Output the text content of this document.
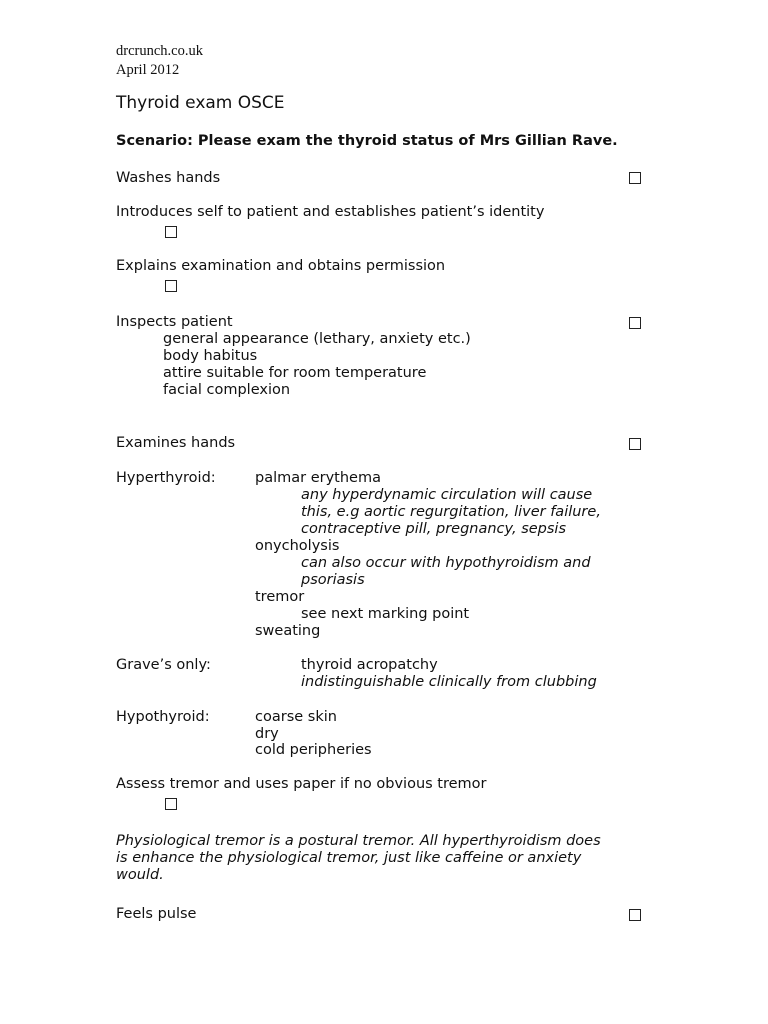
drcrunch.co.uk
April 2012
Thyroid exam OSCE
Scenario: Please exam the thyroid status of Mrs Gillian Rave.
Washes hands
Introduces self to patient and establishes patient’s identity
Explains examination and obtains permission
Inspects patient
general appearance (lethary, anxiety etc.)
body habitus
attire suitable for room temperature
facial complexion
Examines hands
Hyperthyroid:	palmar erythema
any hyperdynamic circulation will cause
this, e.g aortic regurgitation, liver failure,
contraceptive pill, pregnancy, sepsis
onycholysis
can also occur with hypothyroidism and
psoriasis
tremor
see next marking point
sweating
Grave’s only:	thyroid acropatchy
indistinguishable clinically from clubbing
Hypothyroid:	coarse skin
dry
cold peripheries
Assess tremor and uses paper if no obvious tremor
Physiological tremor is a postural tremor. All hyperthyroidism does
is enhance the physiological tremor, just like caffeine or anxiety
would.
Feels pulse
